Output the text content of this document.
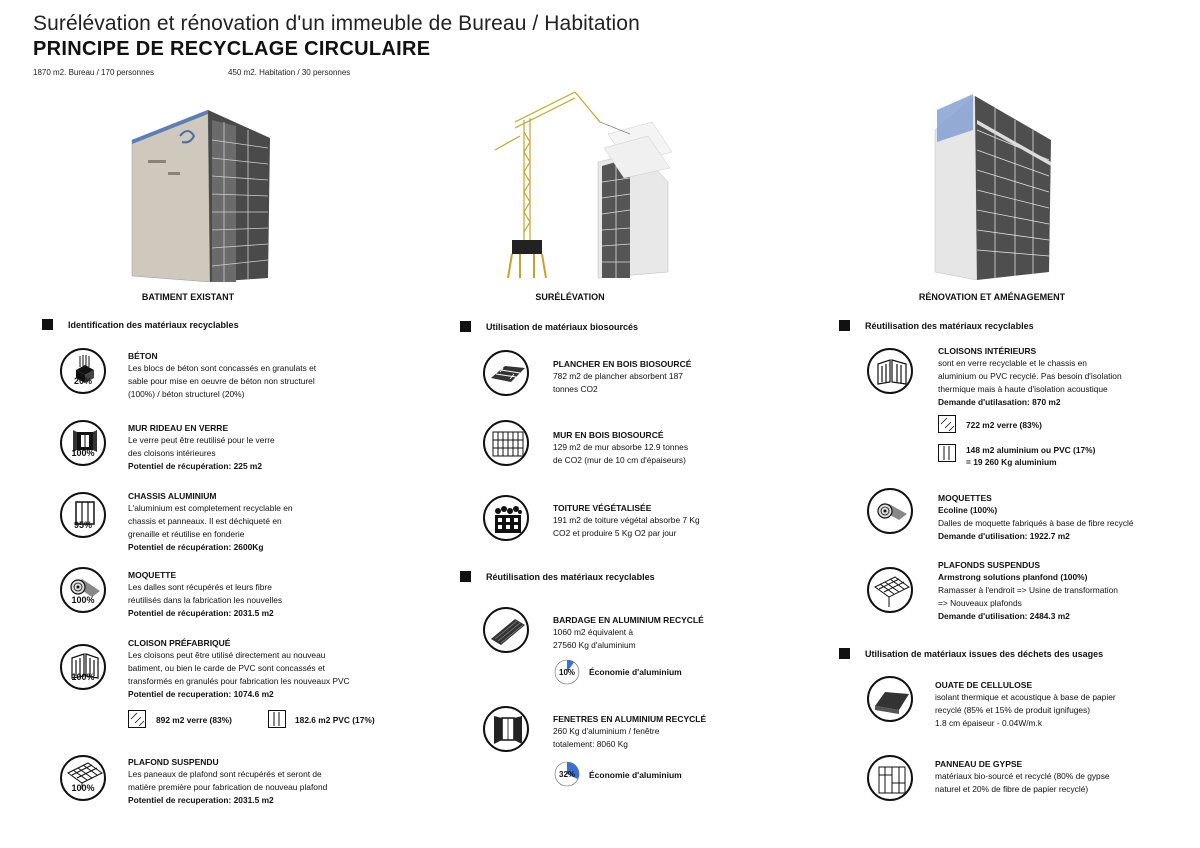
Surélévation et rénovation d'un immeuble de Bureau / Habitation
PRINCIPE DE RECYCLAGE CIRCULAIRE
1870 m2. Bureau / 170 personnes	450 m2. Habitation / 30 personnes
BATIMENT EXISTANT	SURÉLÉVATION	RÉNOVATION ET AMÉNAGEMENT
Identification des matériaux recyclables
20%
BÉTON
Les blocs de béton sont concassés en granulats et
sable pour mise en oeuvre de béton non structurel
(100%) / béton structurel (20%)
100%
MUR RIDEAU EN VERRE
Le verre peut être reutilisé pour le verre
des cloisons intérieures
Potentiel de récupération: 225 m2
95%
CHASSIS ALUMINIUM
L'aluminium est completement recyclable en
chassis et panneaux. Il est déchiqueté en
grenaille et réutilise en fonderie
Potentiel de récupération: 2600Kg
100%
MOQUETTE
Les dalles sont récupérés et leurs fibre
réutilisés dans la fabrication les nouvelles
Potentiel de récupération: 2031.5 m2
100%
CLOISON PRÉFABRIQUÉ
Les cloisons peut être utilisé directement au nouveau
batiment, ou bien le carde de PVC sont concassés et
transformés en granulés pour fabrication les nouveaux PVC
Potentiel de recuperation: 1074.6 m2
892 m2 verre (83%)	182.6 m2 PVC (17%)
100%
PLAFOND SUSPENDU
Les paneaux de plafond sont récupérés et seront de
matière première pour fabrication de nouveau plafond
Potentiel de recuperation: 2031.5 m2
Utilisation de matériaux biosourcés
PLANCHER EN BOIS BIOSOURCÉ
782 m2 de plancher absorbent 187
tonnes CO2
MUR EN BOIS BIOSOURCÉ
129 m2 de mur absorbe 12.9 tonnes
de CO2 (mur de 10 cm d'épaiseurs)
TOITURE VÉGÉTALISÉE
191 m2 de toiture végétal absorbe 7 Kg
CO2 et produire 5 Kg O2 par jour
Réutilisation des matériaux recyclables
BARDAGE EN ALUMINIUM RECYCLÉ
1060 m2 équivalent à
27560 Kg d'aluminium
10% Économie d'aluminium
FENETRES EN ALUMINIUM RECYCLÉ
260 Kg d'aluminium / fenêtre
totalement: 8060 Kg
32% Économie d'aluminium
Réutilisation des matériaux recyclables
CLOISONS INTÉRIEURS
sont en verre recyclable et le chassis en
aluminium ou PVC recyclé. Pas besoin d'isolation
thermique mais à haute d'isolation acoustique
Demande d'utilasation: 870 m2
722 m2 verre (83%)
148 m2 aluminium ou PVC (17%)
= 19 260 Kg aluminium
MOQUETTES
Ecoline (100%)
Dalles de moquette fabriqués à base de fibre recyclé
Demande d'utilisation: 1922.7 m2
PLAFONDS SUSPENDUS
Armstrong solutions planfond (100%)
Ramasser à l'endroit => Usine de transformation
=> Nouveaux plafonds
Demande d'utilisation: 2484.3 m2
Utilisation de matériaux issues des déchets des usages
OUATE DE CELLULOSE
isolant thermique et acoustique à base de papier
recyclé (85% et 15% de produit ignifuges)
1.8 cm épaiseur - 0.04W/m.k
PANNEAU DE GYPSE
matériaux bio-sourcé et recyclé (80% de gypse
naturel et 20% de fibre de papier recyclé)
